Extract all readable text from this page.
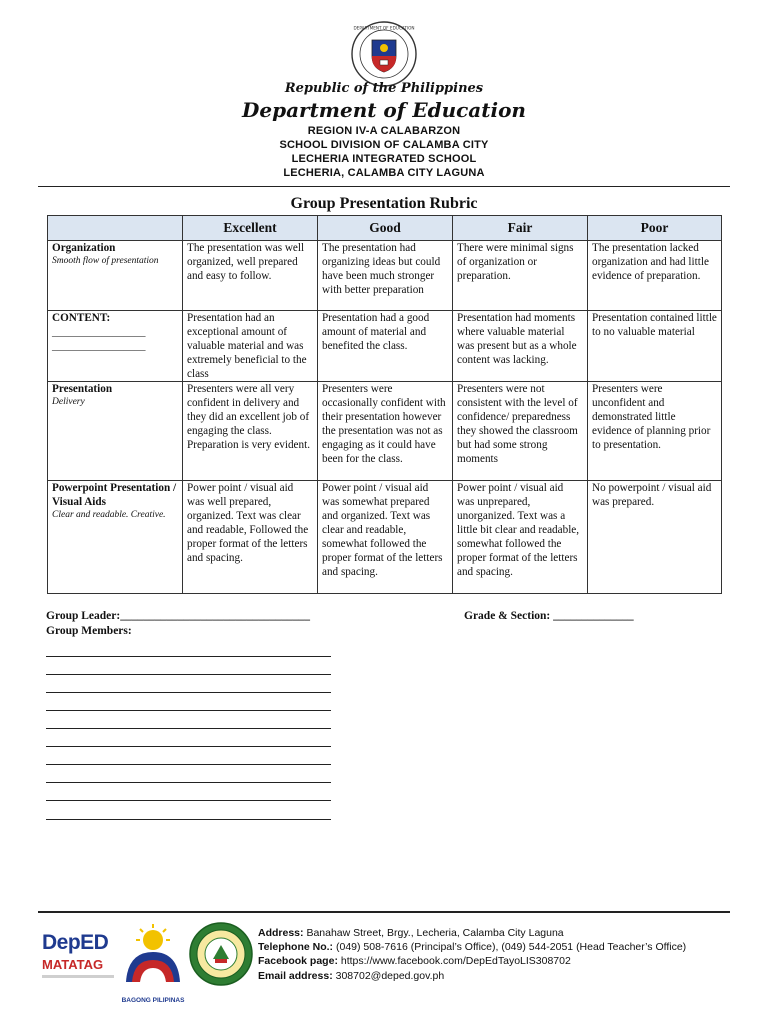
DEPARTMENT OF EDUCATION
Republic of the Philippines
Department of Education
REGION IV-A CALABARZON
SCHOOL DIVISION OF CALAMBA CITY
LECHERIA INTEGRATED SCHOOL
LECHERIA, CALAMBA CITY LAGUNA
Group Presentation Rubric
	Excellent	Good	Fair	Poor

Organization
Smooth flow of presentation	The presentation was well organized, well prepared and easy to follow.	The presentation had organizing ideas but could have been much stronger with better preparation	There were minimal signs of organization or preparation.	The presentation lacked organization and had little evidence of preparation.

CONTENT:
_________________ _________________	Presentation had an exceptional amount of valuable material and was extremely beneficial to the class	Presentation had a good amount of material and benefited the class.	Presentation had moments where valuable material was present but as a whole content was lacking.	Presentation contained little to no valuable material

Presentation
Delivery	Presenters were all very confident in delivery and they did an excellent job of engaging the class. Preparation is very evident.	Presenters were occasionally confident with their presentation however the presentation was not as engaging as it could have been for the class.	Presenters were not consistent with the level of confidence/ preparedness they showed the classroom but had some strong moments	Presenters were unconfident and demonstrated little evidence of planning prior to presentation.

Powerpoint Presentation / Visual Aids
Clear and readable. Creative.	Power point / visual aid was well prepared, organized. Text was clear and readable, Followed the proper format of the letters and spacing.	Power point / visual aid was somewhat prepared and organized. Text was clear and readable, somewhat followed the proper format of the letters and spacing.	Power point / visual aid was unprepared, unorganized. Text was a little bit clear and readable, somewhat followed the proper format of the letters and spacing.	No powerpoint / visual aid was prepared.
Group Leader:_________________________________	Grade & Section: ______________
Group Members:
DepED
MATATAG
BAGONG PILIPINAS
Address: Banahaw Street, Brgy., Lecheria, Calamba City Laguna
Telephone No.: (049) 508-7616 (Principal’s Office), (049) 544-2051 (Head Teacher’s Office)
Facebook page: https://www.facebook.com/DepEdTayoLIS308702
Email address: 308702@deped.gov.ph
